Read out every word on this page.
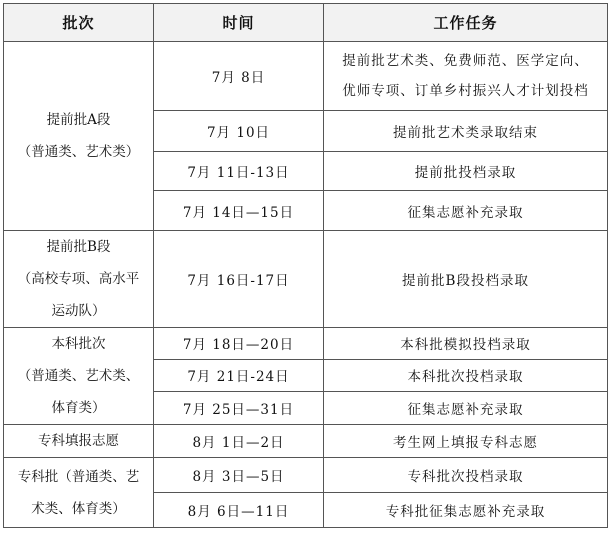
批次	时间	工作任务

提前批A段
（普通类、艺术类）	7月 8日	提前批艺术类、免费师范、医学定向、
优师专项、订单乡村振兴人才计划投档

	7月 10日	提前批艺术类录取结束
	7月 11日-13日	提前批投档录取
	7月 14日—15日	征集志愿补充录取

提前批B段
（高校专项、高水平
运动队）	7月 16日-17日	提前批B段投档录取

本科批次
（普通类、艺术类、
体育类）	7月 18日—20日	本科批模拟投档录取
	7月 21日-24日	本科批次投档录取
	7月 25日—31日	征集志愿补充录取
专科填报志愿	8月 1日—2日	考生网上填报专科志愿

专科批（普通类、艺
术类、体育类）	8月 3日—5日	专科批次投档录取
	8月 6日—11日	专科批征集志愿补充录取
